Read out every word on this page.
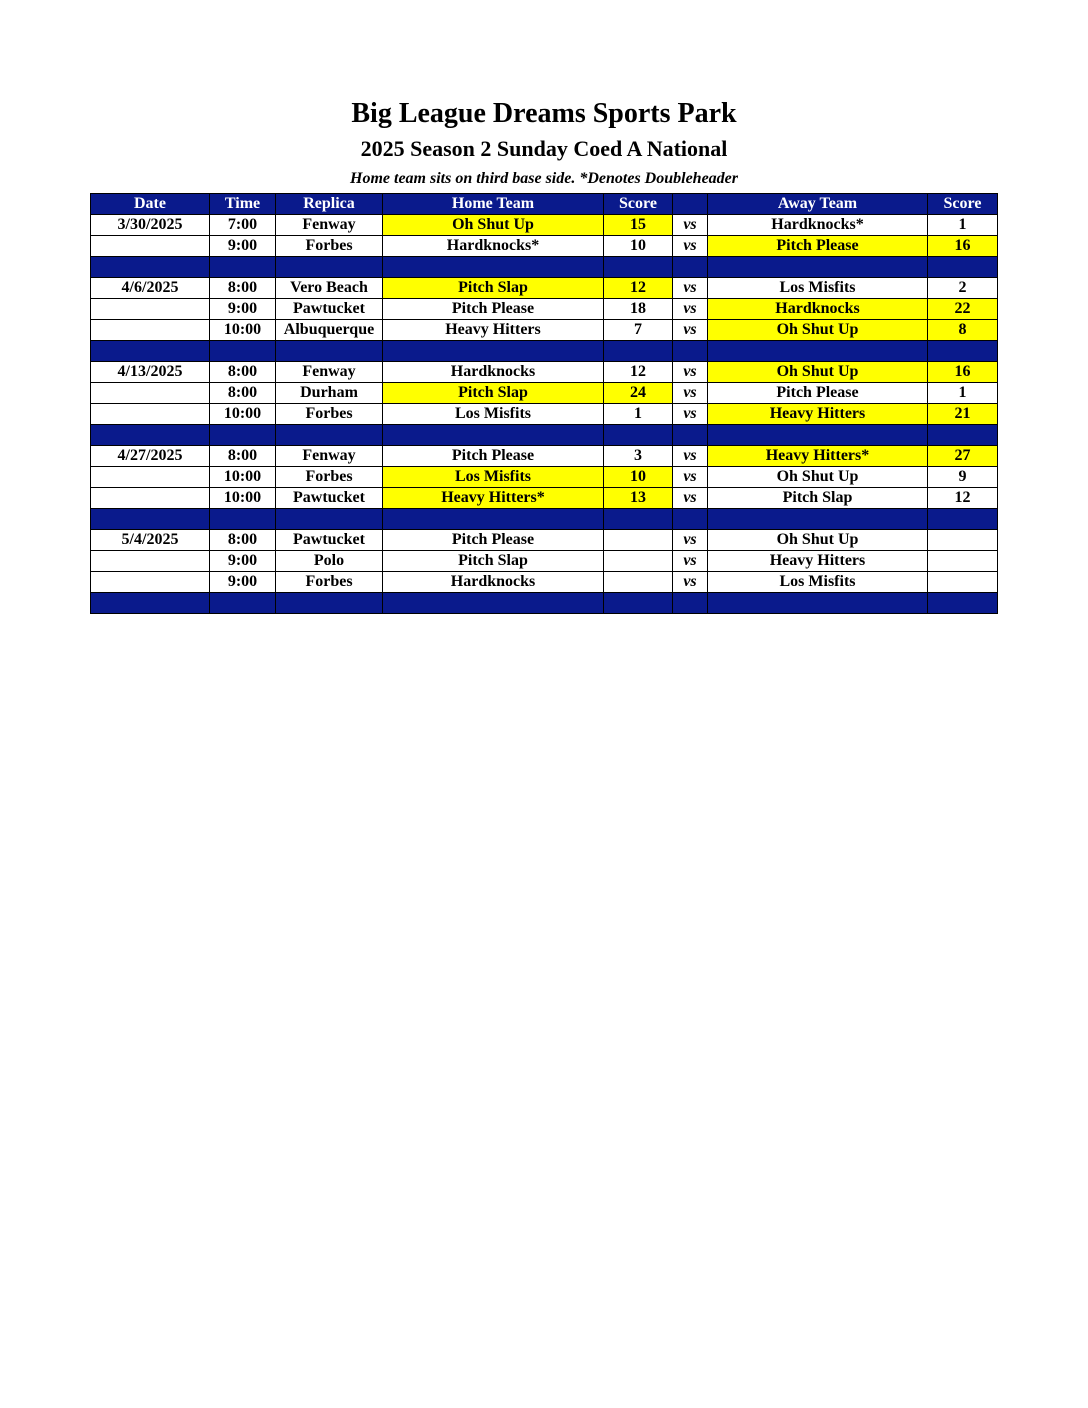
Big League Dreams Sports Park
2025 Season 2 Sunday Coed A National
Home team sits on third base side. *Denotes Doubleheader
Date	Time	Replica	Home Team	Score		Away Team	Score
3/30/2025	7:00	Fenway	Oh Shut Up	15	vs	Hardknocks*	1
	9:00	Forbes	Hardknocks*	10	vs	Pitch Please	16

4/6/2025	8:00	Vero Beach	Pitch Slap	12	vs	Los Misfits	2
	9:00	Pawtucket	Pitch Please	18	vs	Hardknocks	22
	10:00	Albuquerque	Heavy Hitters	7	vs	Oh Shut Up	8

4/13/2025	8:00	Fenway	Hardknocks	12	vs	Oh Shut Up	16
	8:00	Durham	Pitch Slap	24	vs	Pitch Please	1
	10:00	Forbes	Los Misfits	1	vs	Heavy Hitters	21

4/27/2025	8:00	Fenway	Pitch Please	3	vs	Heavy Hitters*	27
	10:00	Forbes	Los Misfits	10	vs	Oh Shut Up	9
	10:00	Pawtucket	Heavy Hitters*	13	vs	Pitch Slap	12

5/4/2025	8:00	Pawtucket	Pitch Please		vs	Oh Shut Up	
	9:00	Polo	Pitch Slap		vs	Heavy Hitters	
	9:00	Forbes	Hardknocks		vs	Los Misfits	
